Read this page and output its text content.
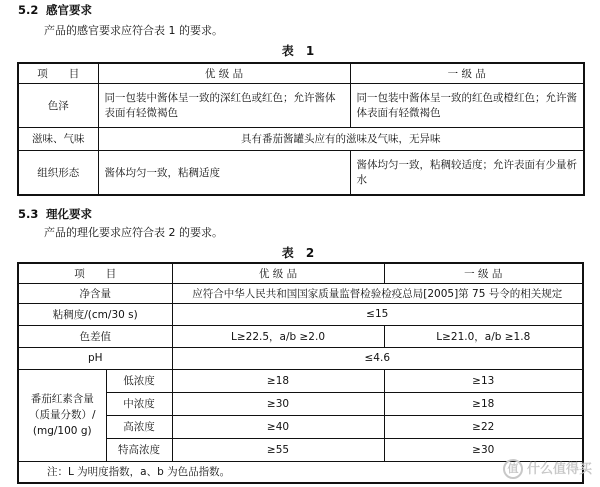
5.2 感官要求
产品的感官要求应符合表 1 的要求。
表 1
项　　目	优 级 品	一 级 品
色泽	同一包装中酱体呈一致的深红色或红色；允许酱体表面有轻微褐色	同一包装中酱体呈一致的红色或橙红色；允许酱体表面有轻微褐色
滋味、气味	具有番茄酱罐头应有的滋味及气味，无异味	
组织形态	酱体均匀一致，粘稠适度	酱体均匀一致，粘稠较适度；允许表面有少量析水
5.3 理化要求
产品的理化要求应符合表 2 的要求。
表 2
项　　目		优 级 品	一 级 品
净含量		应符合中华人民共和国国家质量监督检验检疫总局[2005]第 75 号令的相关规定	
粘稠度/(cm/30 s)		≤15	
色差值		L≥22.5，a/b ≥2.0	L≥21.0，a/b ≥1.8
pH		≤4.6	

番茄红素含量
（质量分数）/
(mg/100 g)	低浓度	≥18	≥13
	中浓度	≥30	≥18
	高浓度	≥40	≥22
	特高浓度	≥55	≥30
注：L 为明度指数，a、b 为色品指数。				值 什么值得买
